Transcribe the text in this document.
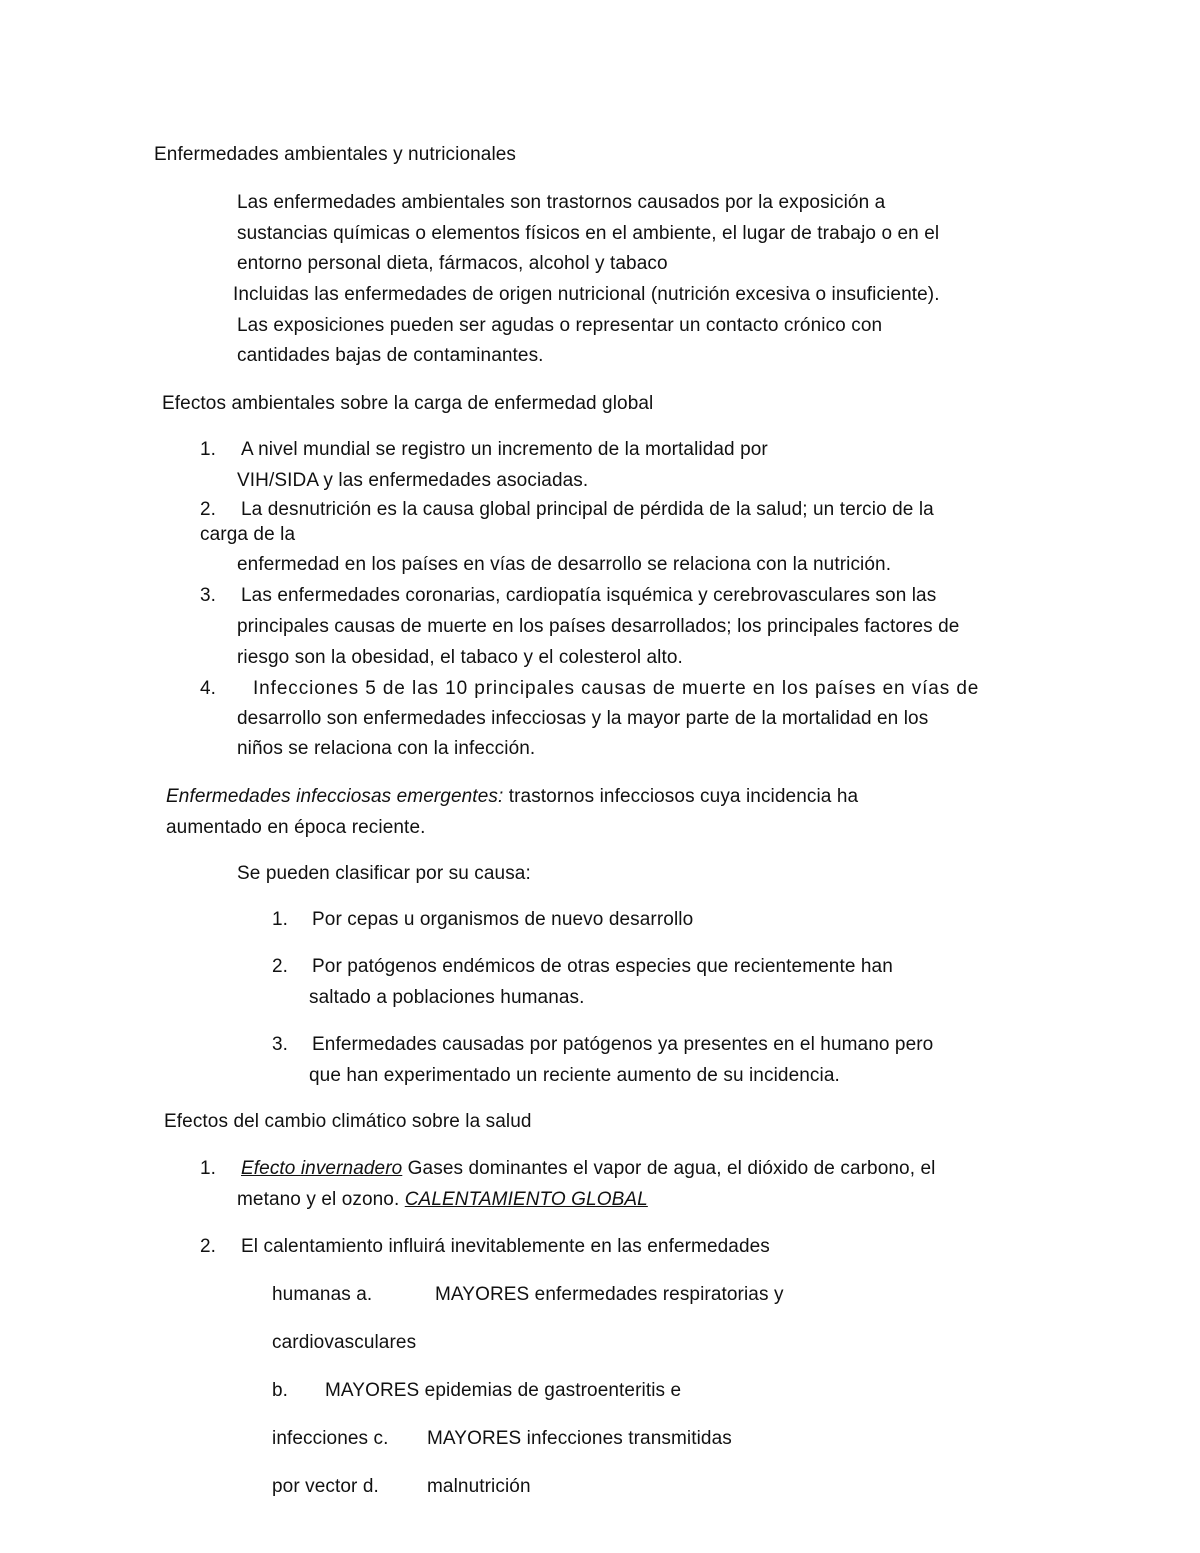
Enfermedades ambientales y nutricionales
Las enfermedades ambientales son trastornos causados por la exposición a
sustancias químicas o elementos físicos en el ambiente, el lugar de trabajo o en el
entorno personal dieta, fármacos, alcohol y tabaco
Incluidas las enfermedades de origen nutricional (nutrición excesiva o insuficiente).
Las exposiciones pueden ser agudas o representar un contacto crónico con
cantidades bajas de contaminantes.
Efectos ambientales sobre la carga de enfermedad global
1. A nivel mundial se registro un incremento de la mortalidad por
VIH/SIDA y las enfermedades asociadas.
2. La desnutrición es la causa global principal de pérdida de la salud; un tercio de la
carga de la
enfermedad en los países en vías de desarrollo se relaciona con la nutrición.
3. Las enfermedades coronarias, cardiopatía isquémica y cerebrovasculares son las
principales causas de muerte en los países desarrollados; los principales factores de
riesgo son la obesidad, el tabaco y el colesterol alto.
4. Infecciones 5 de las 10 principales causas de muerte en los países en vías de
desarrollo son enfermedades infecciosas y la mayor parte de la mortalidad en los
niños se relaciona con la infección.
Enfermedades infecciosas emergentes: trastornos infecciosos cuya incidencia ha
aumentado en época reciente.
Se pueden clasificar por su causa:
1. Por cepas u organismos de nuevo desarrollo
2. Por patógenos endémicos de otras especies que recientemente han
saltado a poblaciones humanas.
3. Enfermedades causadas por patógenos ya presentes en el humano pero
que han experimentado un reciente aumento de su incidencia.
Efectos del cambio climático sobre la salud
1. Efecto invernadero Gases dominantes el vapor de agua, el dióxido de carbono, el
metano y el ozono. CALENTAMIENTO GLOBAL
2. El calentamiento influirá inevitablemente en las enfermedades
humanas a.	MAYORES enfermedades respiratorias y
cardiovasculares
b. MAYORES epidemias de gastroenteritis e
infecciones c. MAYORES infecciones transmitidas
por vector d.	malnutrición
